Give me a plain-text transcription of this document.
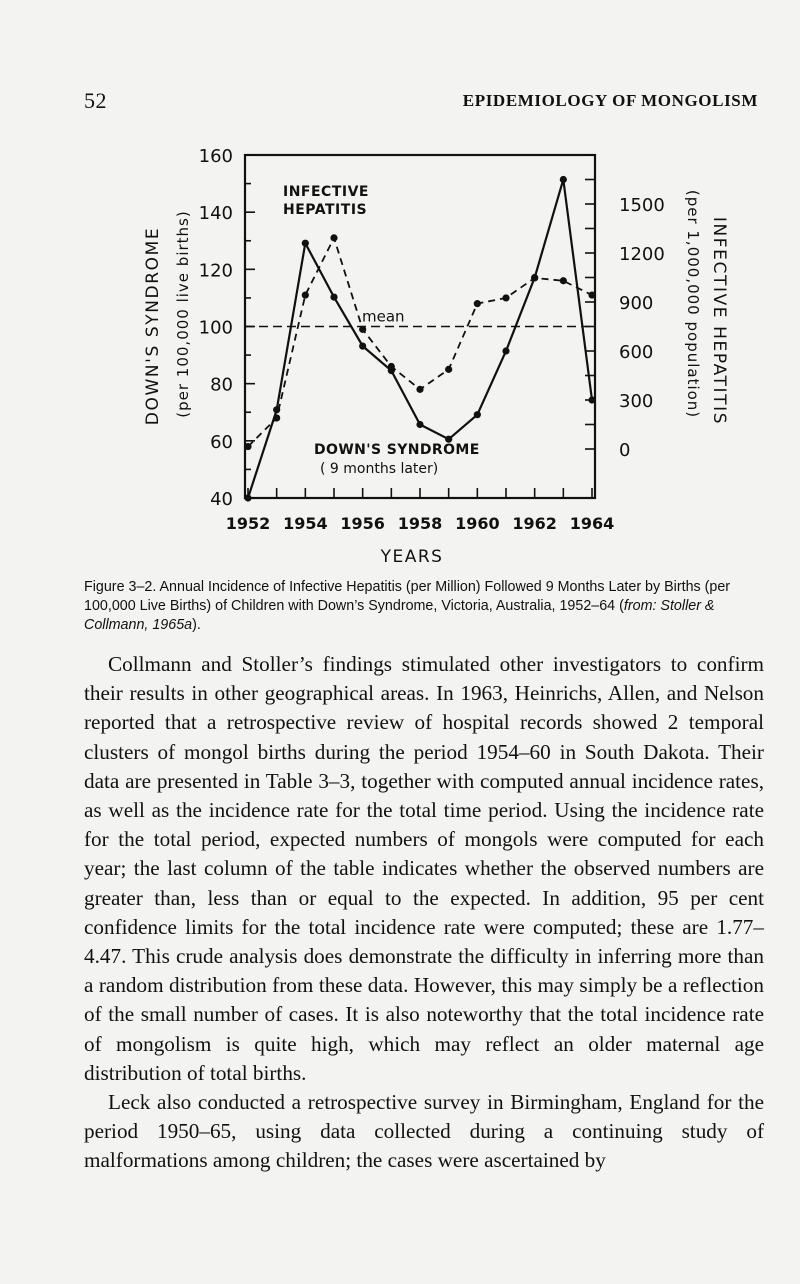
52	EPIDEMIOLOGY OF MONGOLISM
160
140
120
100
80
60
40
1500
1200
900
600
300
0
1952 1954 1956 1958 1960 1962 1964
mean
INFECTIVE
HEPATITIS
DOWN'S SYNDROME
( 9 months later)
YEARS
DOWN'S SYNDROME (per 100,000 live births)	(per 1,000,000 population) INFECTIVE HEPATITIS
Figure 3–2. Annual Incidence of Infective Hepatitis (per Million) Followed 9 Months Later by Births (per 100,000 Live Births) of Children with Down’s Syndrome, Victoria, Australia, 1952–64 (from: Stoller & Collmann, 1965a).

Collmann and Stoller’s findings stimulated other investigators to confirm their results in other geographical areas. In 1963, Heinrichs, Allen, and Nelson reported that a retrospective review of hospital records showed 2 temporal clusters of mongol births during the period 1954–60 in South Dakota. Their data are presented in Table 3–3, together with computed annual incidence rates, as well as the incidence rate for the total time period. Using the incidence rate for the total period, expected numbers of mongols were computed for each year; the last column of the table indicates whether the observed numbers are greater than, less than or equal to the expected. In addition, 95 per cent confidence limits for the total incidence rate were computed; these are 1.77–4.47. This crude analysis does demonstrate the difficulty in inferring more than a random distribution from these data. However, this may simply be a reflection of the small number of cases. It is also noteworthy that the total incidence rate of mongolism is quite high, which may reflect an older maternal age distribution of total births.

Leck also conducted a retrospective survey in Birmingham, England for the period 1950–65, using data collected during a continuing study of malformations among children; the cases were ascertained by
